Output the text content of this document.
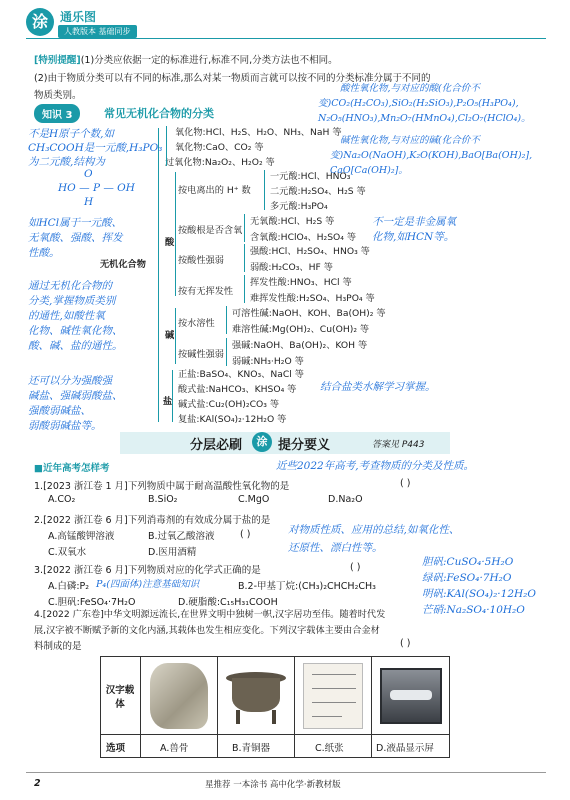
涂	通乐图
人教版本 基础同步
[特别提醒](1)分类应依据一定的标准进行,标准不同,分类方法也不相同。
(2)由于物质分类可以有不同的标准,那么对某一物质而言就可以按不同的分类标准分属于不同的
物质类别。
知识 3	常见无机化合物的分类
氧化物:HCl、H₂S、H₂O、NH₃、NaH 等
氧化物:CaO、CO₂ 等
过氧化物:Na₂O₂、H₂O₂ 等
按电离出的 H⁺ 数
一元酸:HCl、HNO₃
二元酸:H₂SO₄、H₂S 等
多元酸:H₃PO₄
按酸根是否含氧
无氧酸:HCl、H₂S 等
含氧酸:HClO₄、H₂SO₄ 等
按酸性强弱
强酸:HCl、H₂SO₄、HNO₃ 等
弱酸:H₂CO₃、HF 等
按有无挥发性
挥发性酸:HNO₃、HCl 等
难挥发性酸:H₂SO₄、H₃PO₄ 等
酸
无机化合物
按水溶性
可溶性碱:NaOH、KOH、Ba(OH)₂ 等
难溶性碱:Mg(OH)₂、Cu(OH)₂ 等
按碱性强弱
强碱:NaOH、Ba(OH)₂、KOH 等
弱碱:NH₃·H₂O 等
碱
盐
正盐:BaSO₄、KNO₃、NaCl 等
酸式盐:NaHCO₃、KHSO₄ 等
碱式盐:Cu₂(OH)₂CO₃ 等
复盐:KAl(SO₄)₂·12H₂O 等
不是H原子个数,如
CH₃COOH是一元酸,H₃PO₃
为二元酸,结构为
O
HO — P — OH
H
如HCl属于一元酸、
无氧酸、强酸、挥发
性酸。
通过无机化合物的
分类,掌握物质类别
的通性,如酸性氧
化物、碱性氧化物、
酸、碱、盐的通性。
还可以分为强酸强
碱盐、强碱弱酸盐、
强酸弱碱盐、
弱酸弱碱盐等。
酸性氧化物,与对应的酸(化合价不
变)CO₂(H₂CO₃),SiO₂(H₂SiO₃),P₂O₅(H₃PO₄),
N₂O₅(HNO₃),Mn₂O₇(HMnO₄),Cl₂O₇(HClO₄)。
碱性氧化物,与对应的碱(化合价不
变)Na₂O(NaOH),K₂O(KOH),BaO[Ba(OH)₂],
CaO[Ca(OH)₂]。
不一定是非金属氧
化物,如HCN等。
结合盐类水解学习掌握。
分层必刷	涂 提分要义	答案见 P443
■近年高考怎样考	近些2022年高考,考查物质的分类及性质。
1.[2023 浙江卷 1 月]下列物质中属于耐高温酸性氧化物的是	( )
A.CO₂	B.SiO₂	C.MgO	D.Na₂O
2.[2022 浙江卷 6 月]下列消毒剂的有效成分属于盐的是
( )
A.高锰酸钾溶液	B.过氧乙酸溶液
C.双氧水	D.医用酒精
对物质性质、应用的总结,如氧化性、
还原性、漂白性等。
3.[2022 浙江卷 6 月]下列物质对应的化学式正确的是	( )
A.白磷:P₂ P₄(四面体)注意基础知识	B.2-甲基丁烷:(CH₃)₂CHCH₂CH₃
C.胆矾:FeSO₄·7H₂O	D.硬脂酸:C₁₅H₃₁COOH
胆矾:CuSO₄·5H₂O
绿矾:FeSO₄·7H₂O
明矾:KAl(SO₄)₂·12H₂O
芒硝:Na₂SO₄·10H₂O
4.[2022 广东卷]中华文明源远流长,在世界文明中独树一帜,汉字居功至伟。随着时代发
展,汉字被不断赋予新的文化内涵,其载体也发生相应变化。下列汉字载体主要由合金材
料制成的是	( )
汉字载体
选项	A.兽骨	B.青铜器	C.纸张	D.液晶显示屏
2	星推荐 一本涂书 高中化学·新教材版
